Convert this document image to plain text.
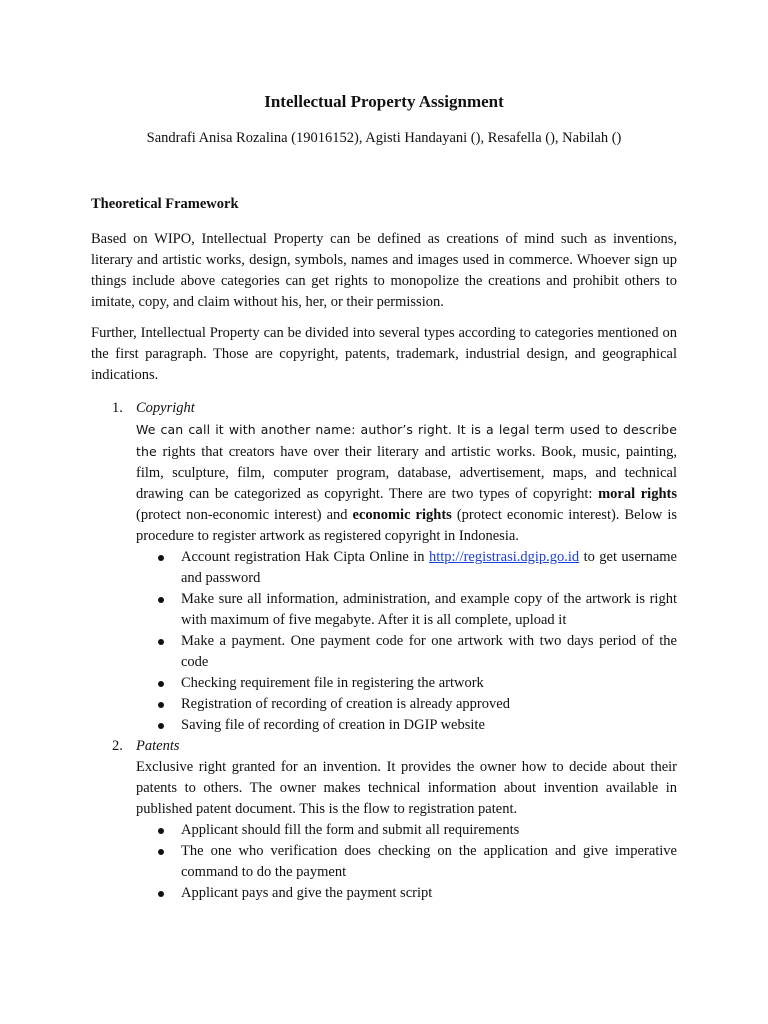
Intellectual Property Assignment
Sandrafi Anisa Rozalina (19016152), Agisti Handayani (), Resafella (), Nabilah ()
Theoretical Framework

Based on WIPO, Intellectual Property can be defined as creations of mind such as inventions, literary and artistic works, design, symbols, names and images used in commerce. Whoever sign up things include above categories can get rights to monopolize the creations and prohibit others to imitate, copy, and claim without his, her, or their permission.

Further, Intellectual Property can be divided into several types according to categories mentioned on the first paragraph. Those are copyright, patents, trademark, industrial design, and geographical indications.

1. Copyright

We can call it with another name: author’s right. It is a legal term used to describe the rights that creators have over their literary and artistic works. Book, music, painting, film, sculpture, film, computer program, database, advertisement, maps, and technical drawing can be categorized as copyright. There are two types of copyright: moral rights (protect non-economic interest) and economic rights (protect economic interest). Below is procedure to register artwork as registered copyright in Indonesia.

Account registration Hak Cipta Online in http://registrasi.dgip.go.id to get username and password
Make sure all information, administration, and example copy of the artwork is right with maximum of five megabyte. After it is all complete, upload it
Make a payment. One payment code for one artwork with two days period of the code
Checking requirement file in registering the artwork
Registration of recording of creation is already approved
Saving file of recording of creation in DGIP website
2. Patents

Exclusive right granted for an invention. It provides the owner how to decide about their patents to others. The owner makes technical information about invention available in published patent document. This is the flow to registration patent.

Applicant should fill the form and submit all requirements
The one who verification does checking on the application and give imperative command to do the payment
Applicant pays and give the payment script
